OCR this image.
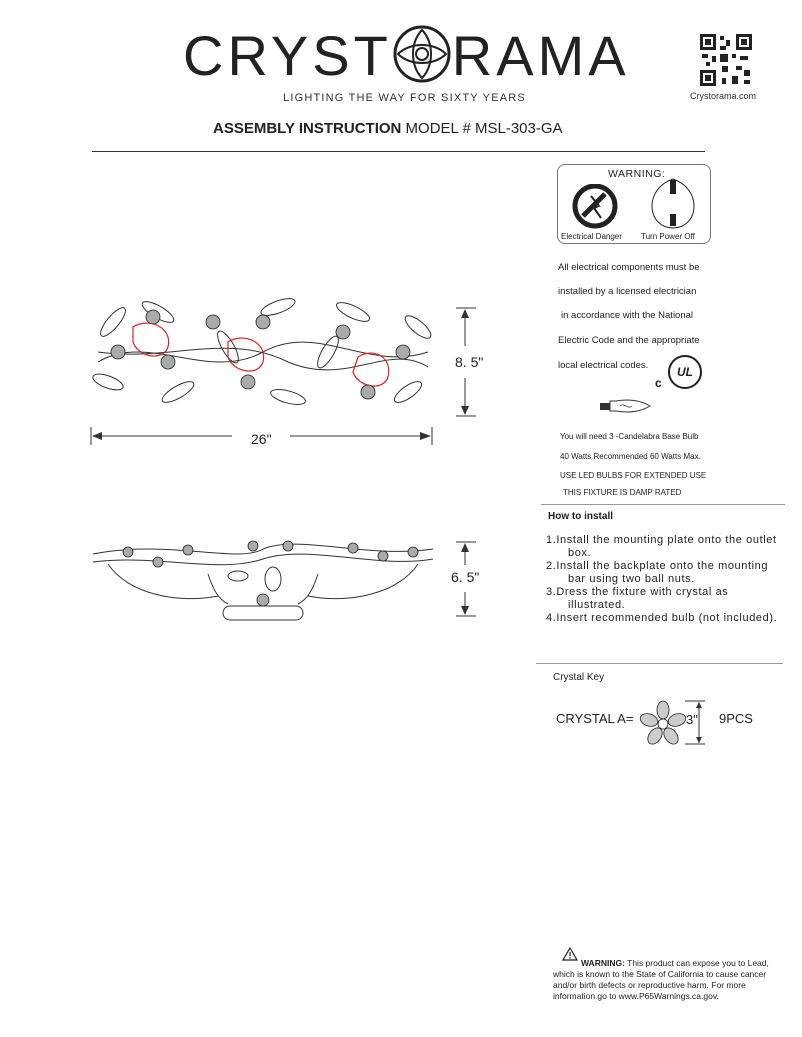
CRYST RAMA
LIGHTING THE WAY FOR SIXTY YEARS	Crystorama.com
ASSEMBLY INSTRUCTION MODEL # MSL-303-GA
8. 5"
26"
6. 5"
WARNING:
Electrical Danger Turn Power Off
All electrical components must be
installed by a licensed electrician
in accordance with the National
Electric Code and the appropriate
local electrical codes.
c
UL
You will need 3 -Candelabra Base Bulb
40 Watts Recommended 60 Watts Max.
USE LED BULBS FOR EXTENDED USE
THIS FIXTURE IS DAMP RATED
How to install
1.Install the mounting plate onto the outlet box.
2.Install the backplate onto the mounting bar using two ball nuts.
3.Dress the fixture with crystal as illustrated.
4.Insert recommended bulb (not included).
Crystal Key
CRYSTAL A=	3" 9PCS
WARNING: This product can expose you to Lead, which is known to the State of California to cause cancer and/or birth defects or reproductive harm. For more information go to www.P65Warnings.ca.gov.
